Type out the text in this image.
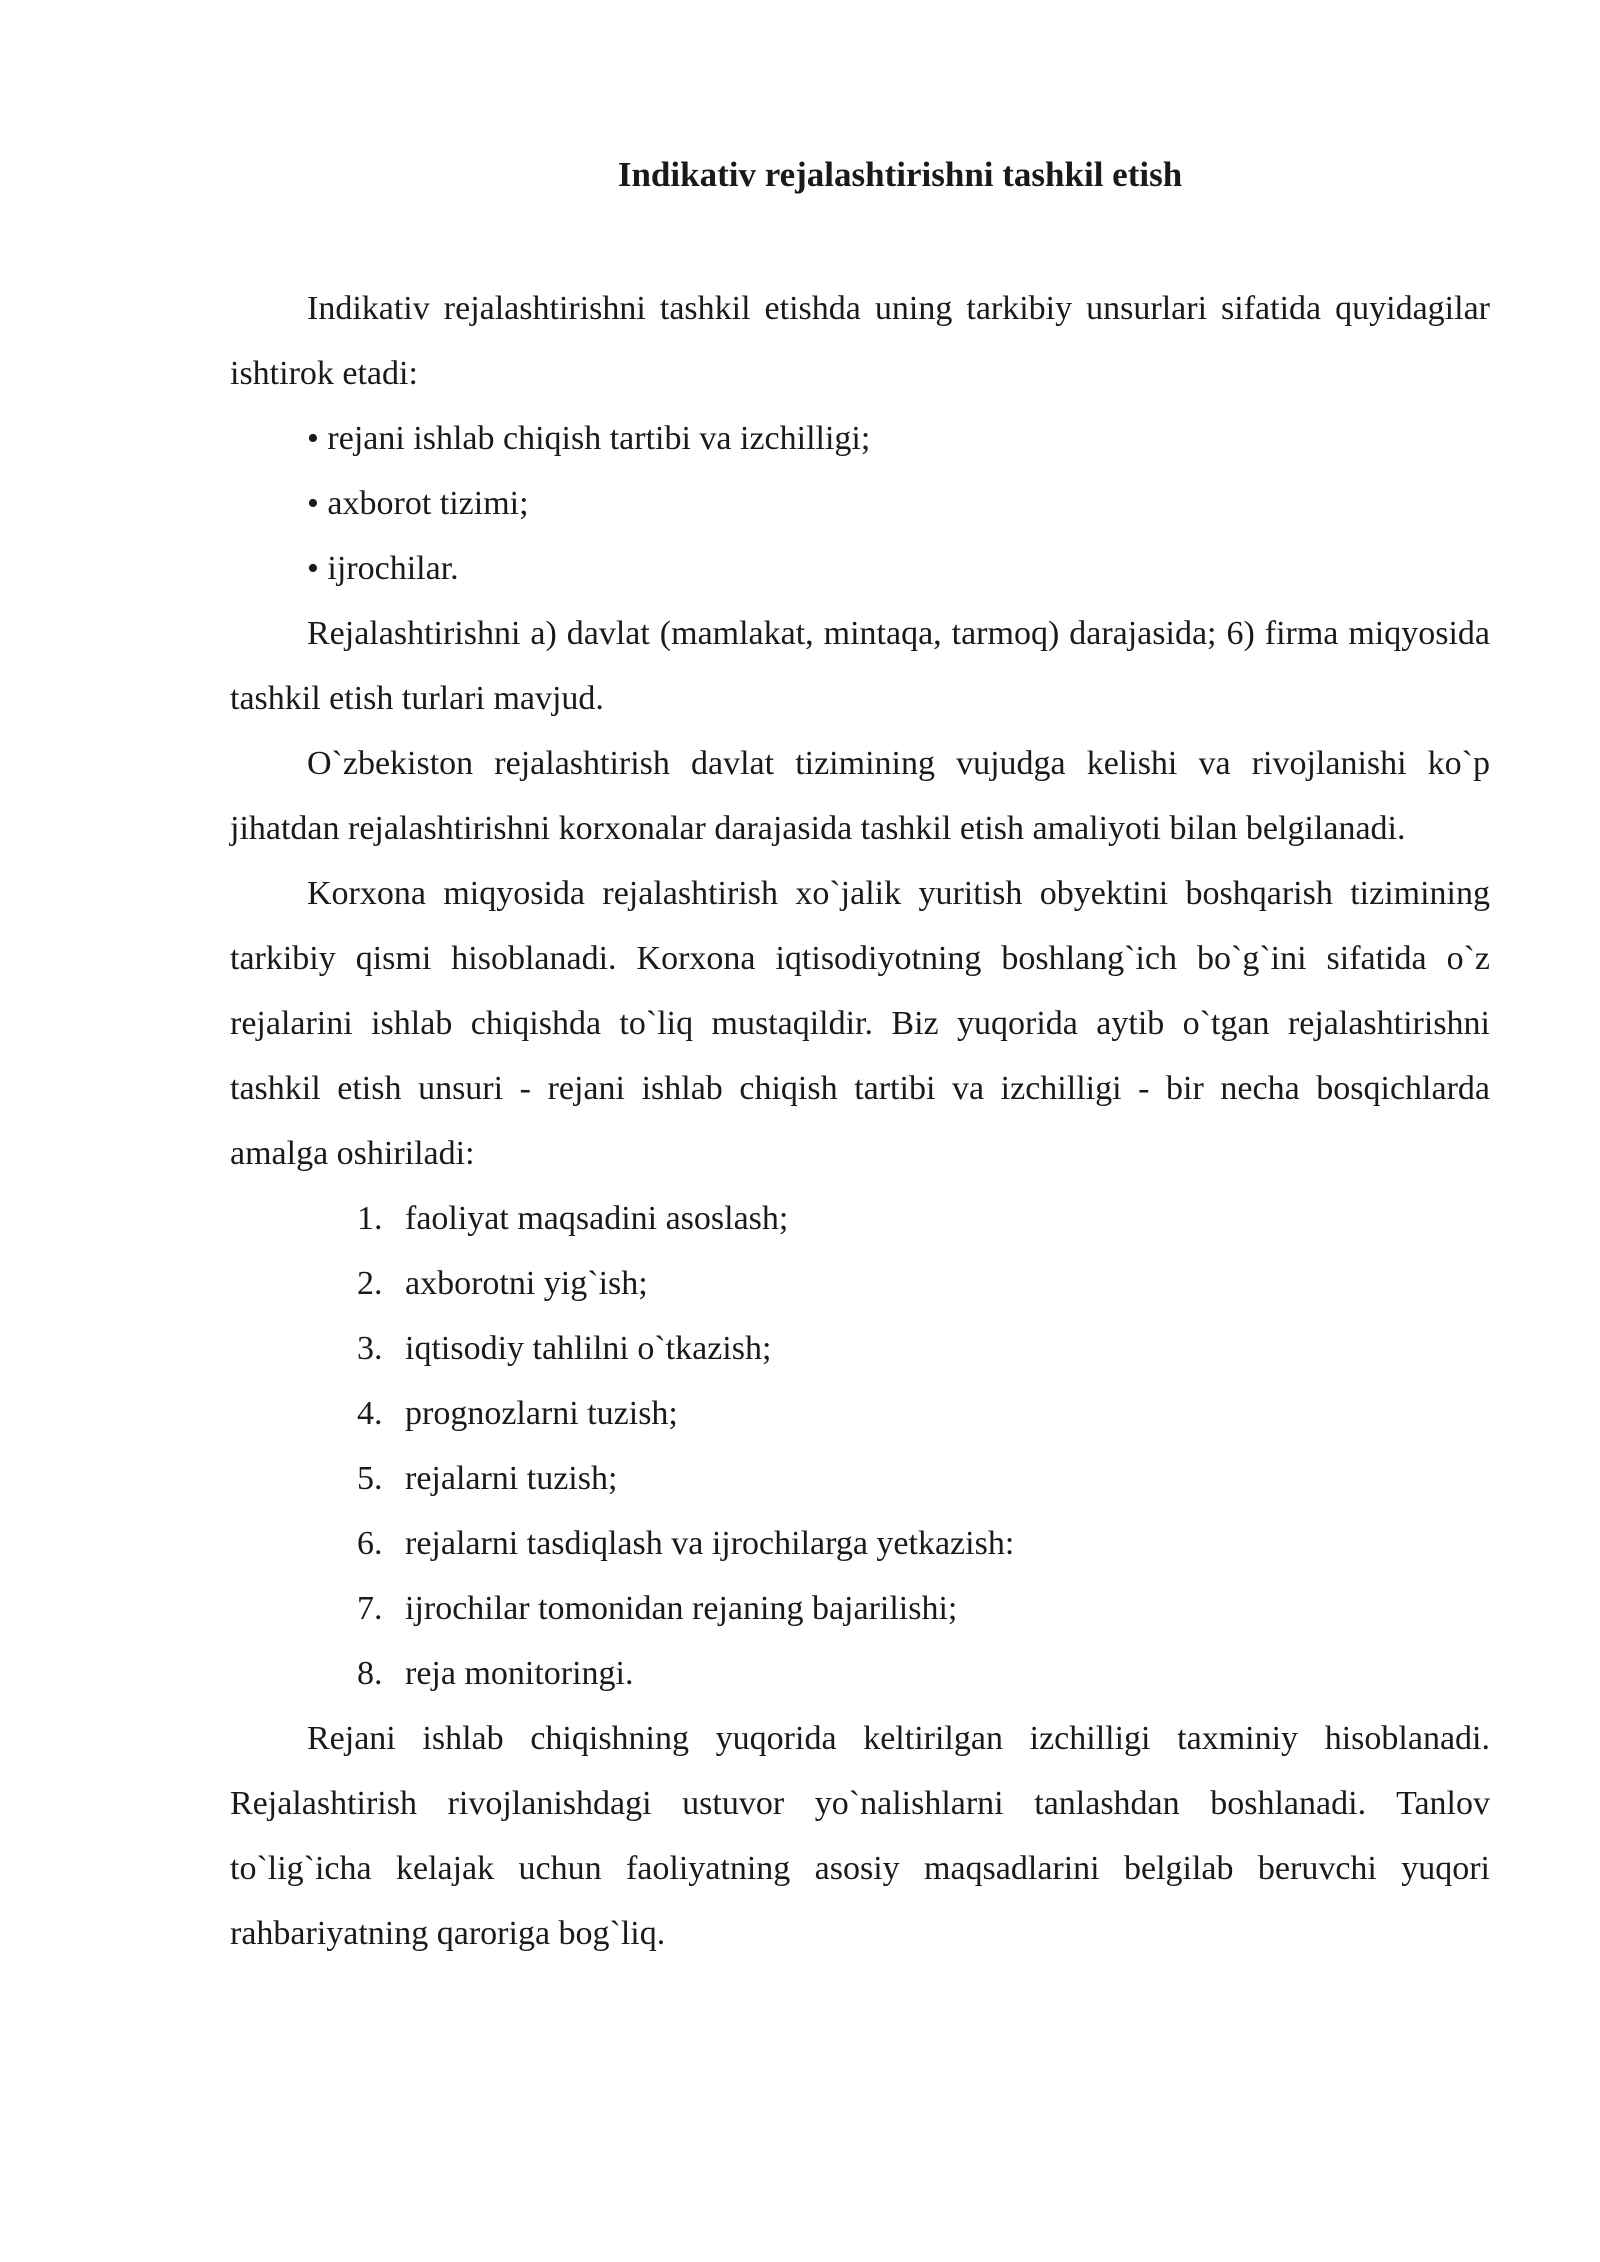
Indikativ rejalashtirishni tashkil etish

Indikativ rejalashtirishni tashkil etishda uning tarkibiy unsurlari sifatida quyidagilar ishtirok etadi:

• rejani ishlab chiqish tartibi va izchilligi;

• axborot tizimi;

• ijrochilar.

Rejalashtirishni a) davlat (mamlakat, mintaqa, tarmoq) darajasida; 6) firma miqyosida tashkil etish turlari mavjud.

O`zbekiston rejalashtirish davlat tizimining vujudga kelishi va rivojlanishi ko`p jihatdan rejalashtirishni korxonalar darajasida tashkil etish amaliyoti bilan belgilanadi.

Korxona miqyosida rejalashtirish xo`jalik yuritish obyektini boshqarish tizimining tarkibiy qismi hisoblanadi. Korxona iqtisodiyotning boshlang`ich bo`g`ini sifatida o`z rejalarini ishlab chiqishda to`liq mustaqildir. Biz yuqorida aytib o`tgan rejalashtirishni tashkil etish unsuri - rejani ishlab chiqish tartibi va izchilligi - bir necha bosqichlarda amalga oshiriladi:

1. faoliyat maqsadini asoslash;
2. axborotni yig`ish;
3. iqtisodiy tahlilni o`tkazish;
4. prognozlarni tuzish;
5. rejalarni tuzish;
6. rejalarni tasdiqlash va ijrochilarga yetkazish:
7. ijrochilar tomonidan rejaning bajarilishi;
8. reja monitoringi.

Rejani ishlab chiqishning yuqorida keltirilgan izchilligi taxminiy hisoblanadi. Rejalashtirish rivojlanishdagi ustuvor yo`nalishlarni tanlashdan boshlanadi. Tanlov to`lig`icha kelajak uchun faoliyatning asosiy maqsadlarini belgilab beruvchi yuqori rahbariyatning qaroriga bog`liq.
